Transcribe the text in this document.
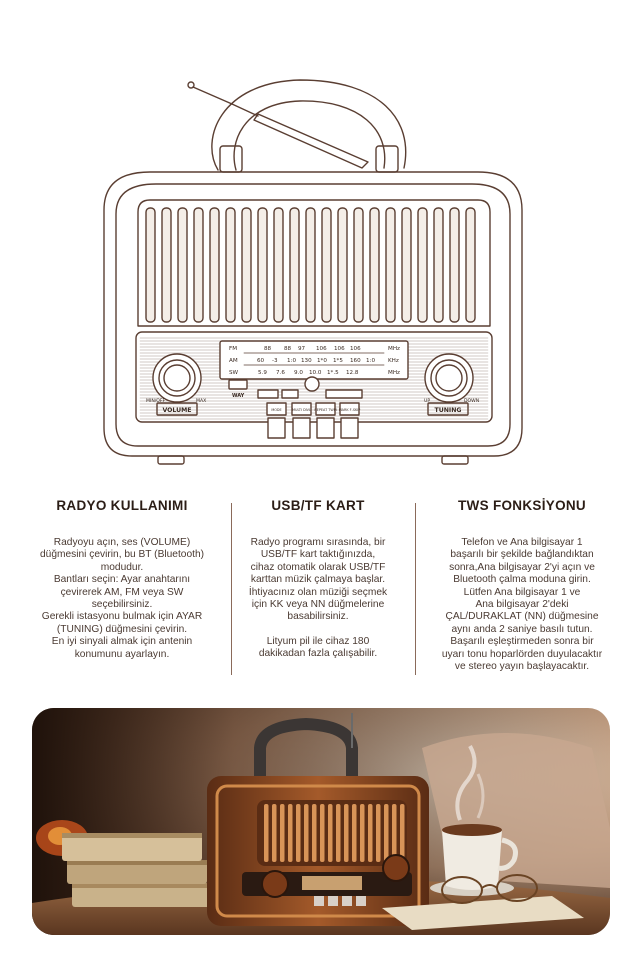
FM	88 88 97 106 106 106	MHz
AM	60 -3 1:0 130 1*0 1*5 160 1:0 KHz
SW	5.9 7.6 9.0 10.0 1*.5 12.8	MHz
MIN/OFF	MAX
VOLUME
UP	DOWN
TUNING
WAY
MODE	MULTI DIVL REPEAT TWM MARK F-SKIP
RADYO KULLANIMI

Radyoyu açın, ses (VOLUME)
düğmesini çevirin, bu BT (Bluetooth)
modudur.
Bantları seçin: Ayar anahtarını
çevirerek AM, FM veya SW
seçebilirsiniz.
Gerekli istasyonu bulmak için AYAR
(TUNING) düğmesini çevirin.
En iyi sinyali almak için antenin
konumunu ayarlayın.

USB/TF KART

Radyo programı sırasında, bir
USB/TF kart taktığınızda,
cihaz otomatik olarak USB/TF
karttan müzik çalmaya başlar.
İhtiyacınız olan müziği seçmek
için KK veya NN düğmelerine
basabilirsiniz.

Lityum pil ile cihaz 180
dakikadan fazla çalışabilir.

TWS FONKSİYONU

Telefon ve Ana bilgisayar 1
başarılı bir şekilde bağlandıktan
sonra,Ana bilgisayar 2'yi açın ve
Bluetooth çalma moduna girin.
Lütfen Ana bilgisayar 1 ve
Ana bilgisayar 2'deki
ÇAL/DURAKLAT (NN) düğmesine
aynı anda 2 saniye basılı tutun.
Başarılı eşleştirmeden sonra bir
uyarı tonu hoparlörden duyulacaktır
ve stereo yayın başlayacaktır.
